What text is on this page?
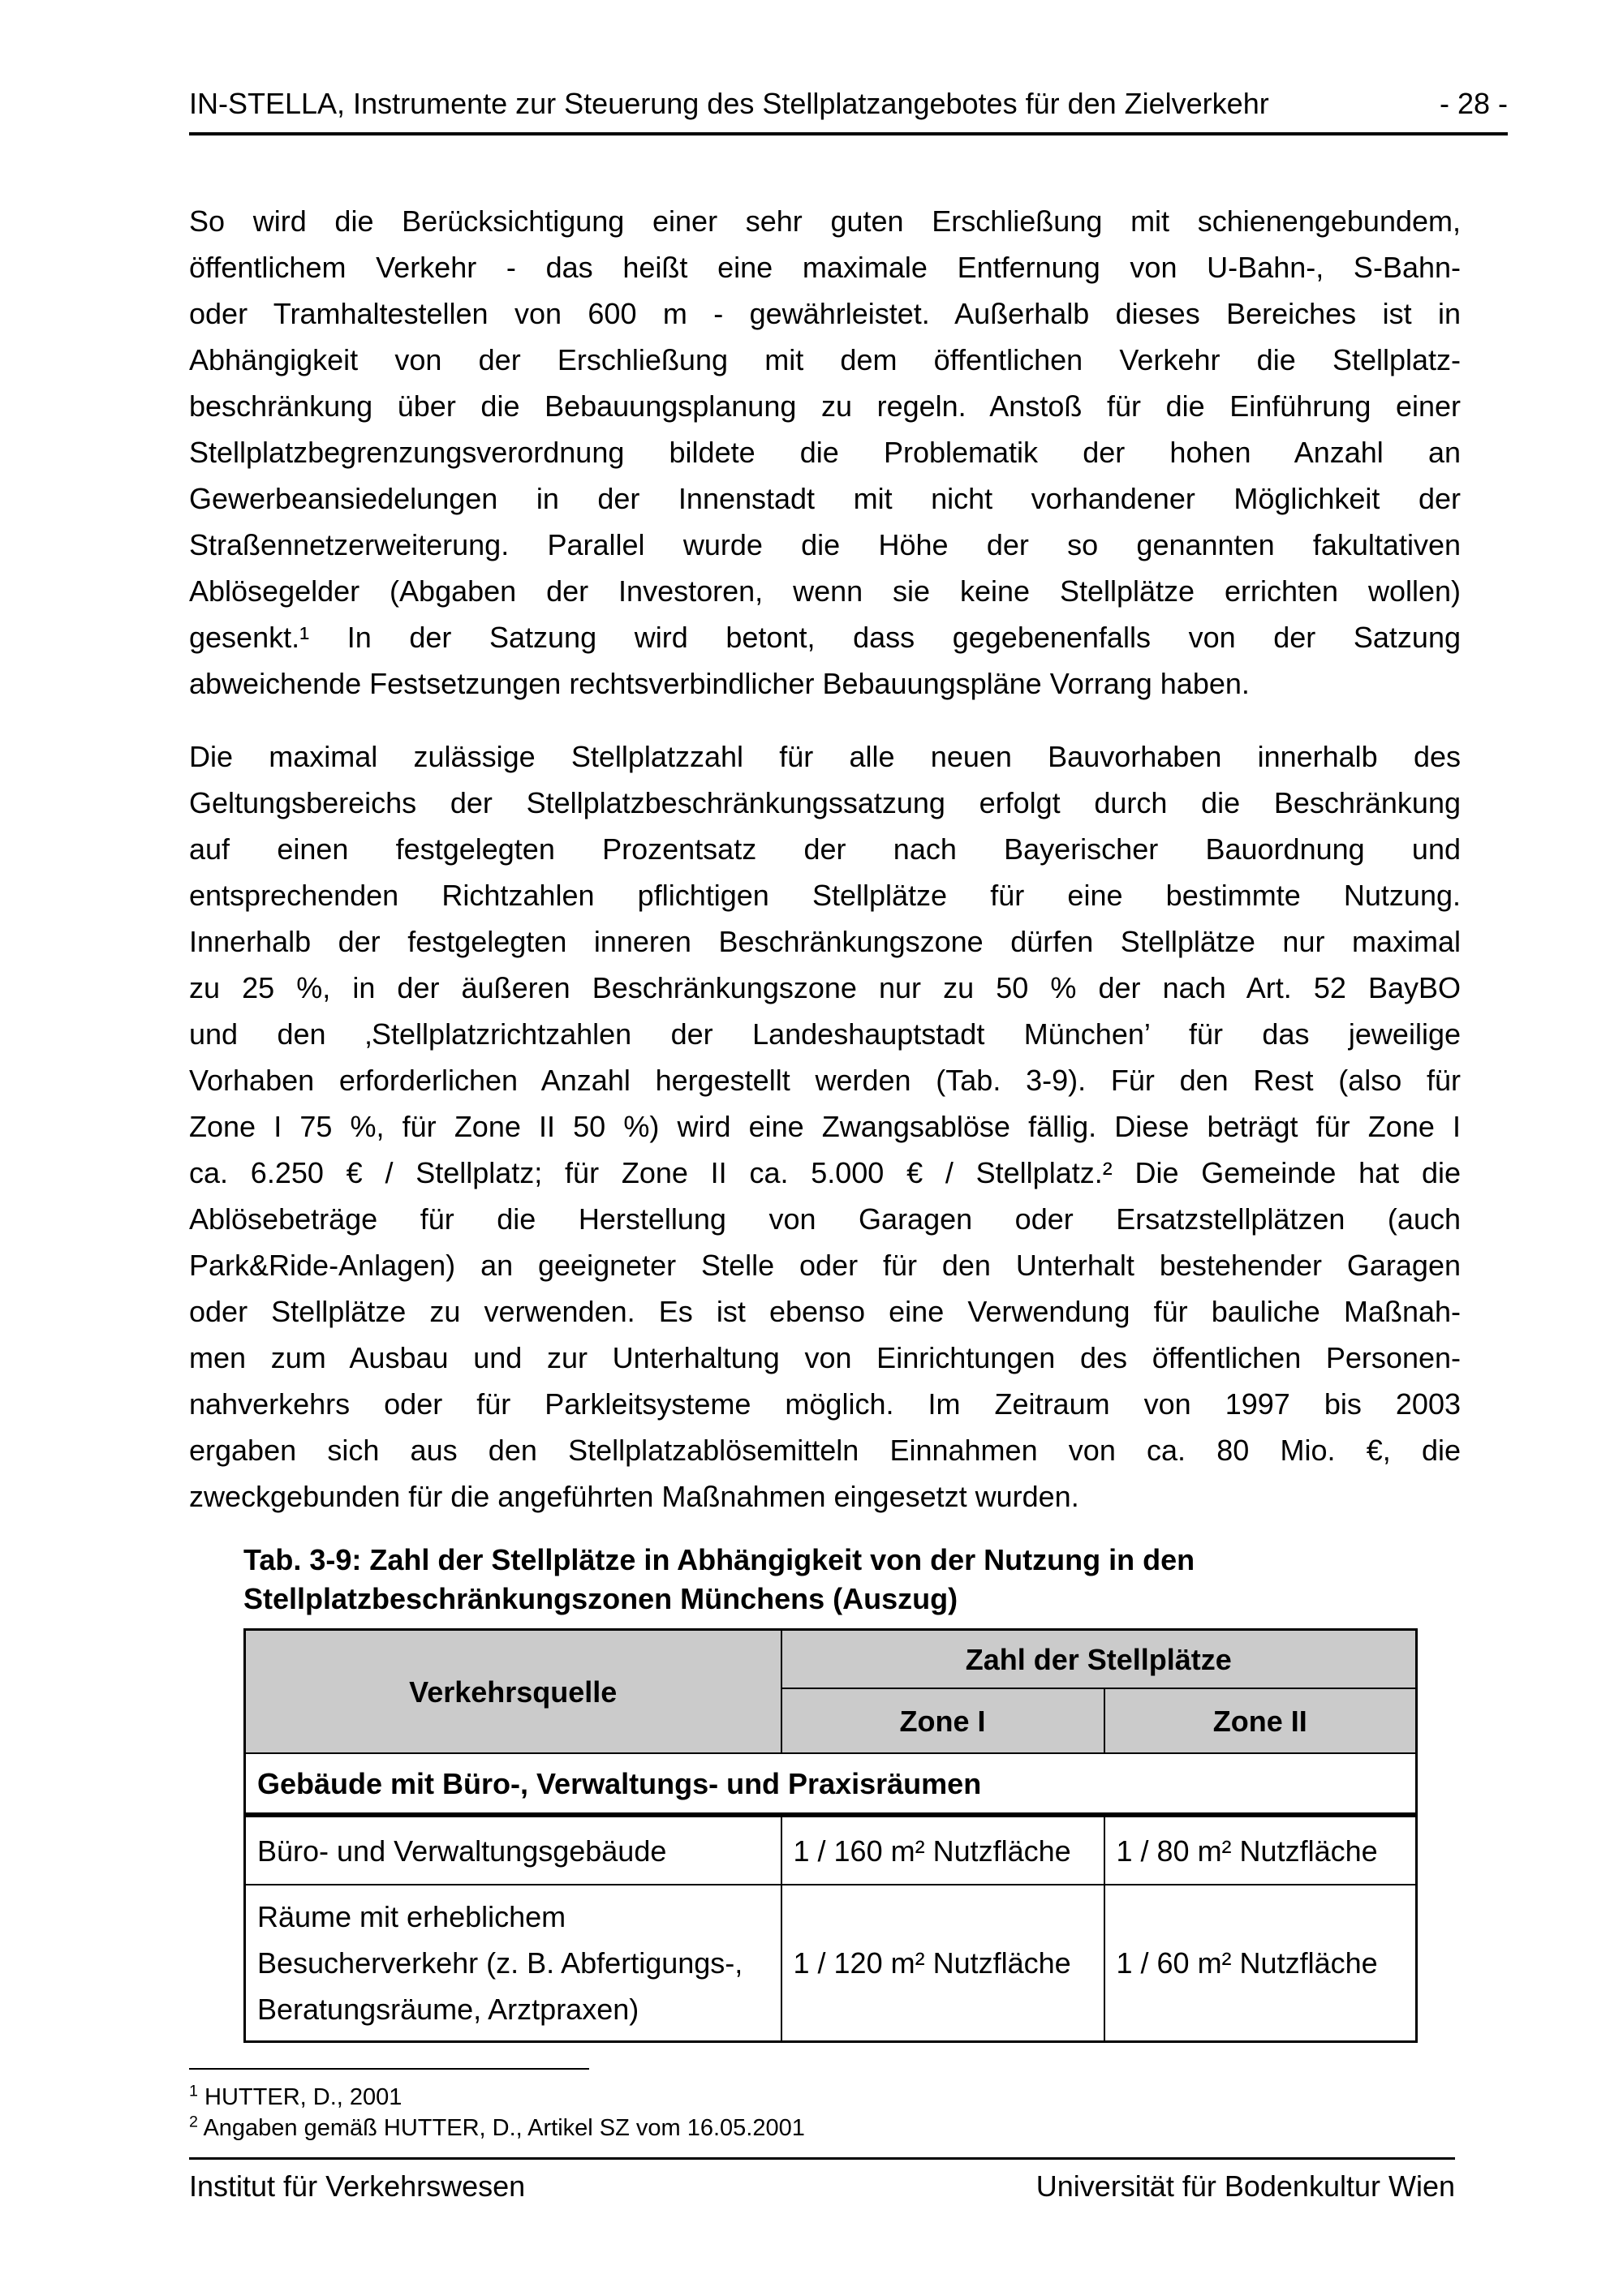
IN-STELLA, Instrumente zur Steuerung des Stellplatzangebotes für den Zielverkehr	- 28 -
So wird die Berücksichtigung einer sehr guten Erschließung mit schienengebundem,
öffentlichem Verkehr - das heißt eine maximale Entfernung von U-Bahn-, S-Bahn-
oder Tramhaltestellen von 600 m - gewährleistet. Außerhalb dieses Bereiches ist in
Abhängigkeit von der Erschließung mit dem öffentlichen Verkehr die Stellplatz-
beschränkung über die Bebauungsplanung zu regeln. Anstoß für die Einführung einer
Stellplatzbegrenzungsverordnung bildete die Problematik der hohen Anzahl an
Gewerbeansiedelungen in der Innenstadt mit nicht vorhandener Möglichkeit der
Straßennetzerweiterung. Parallel wurde die Höhe der so genannten fakultativen
Ablösegelder (Abgaben der Investoren, wenn sie keine Stellplätze errichten wollen)
gesenkt.¹ In der Satzung wird betont, dass gegebenenfalls von der Satzung
abweichende Festsetzungen rechtsverbindlicher Bebauungspläne Vorrang haben.
Die maximal zulässige Stellplatzzahl für alle neuen Bauvorhaben innerhalb des
Geltungsbereichs der Stellplatzbeschränkungssatzung erfolgt durch die Beschränkung
auf einen festgelegten Prozentsatz der nach Bayerischer Bauordnung und
entsprechenden Richtzahlen pflichtigen Stellplätze für eine bestimmte Nutzung.
Innerhalb der festgelegten inneren Beschränkungszone dürfen Stellplätze nur maximal
zu 25 %, in der äußeren Beschränkungszone nur zu 50 % der nach Art. 52 BayBO
und den ‚Stellplatzrichtzahlen der Landeshauptstadt München’ für das jeweilige
Vorhaben erforderlichen Anzahl hergestellt werden (Tab. 3-9). Für den Rest (also für
Zone I 75 %, für Zone II 50 %) wird eine Zwangsablöse fällig. Diese beträgt für Zone I
ca. 6.250 € / Stellplatz; für Zone II ca. 5.000 € / Stellplatz.² Die Gemeinde hat die
Ablösebeträge für die Herstellung von Garagen oder Ersatzstellplätzen (auch
Park&Ride-Anlagen) an geeigneter Stelle oder für den Unterhalt bestehender Garagen
oder Stellplätze zu verwenden. Es ist ebenso eine Verwendung für bauliche Maßnah-
men zum Ausbau und zur Unterhaltung von Einrichtungen des öffentlichen Personen-
nahverkehrs oder für Parkleitsysteme möglich. Im Zeitraum von 1997 bis 2003
ergaben sich aus den Stellplatzablösemitteln Einnahmen von ca. 80 Mio. €, die
zweckgebunden für die angeführten Maßnahmen eingesetzt wurden.
Tab. 3-9: Zahl der Stellplätze in Abhängigkeit von der Nutzung in den
Stellplatzbeschränkungszonen Münchens (Auszug)
Verkehrsquelle	Zahl der Stellplätze	
	Zone I	Zone II
Gebäude mit Büro-, Verwaltungs- und Praxisräumen		

Büro- und Verwaltungsgebäude	1 / 160 m² Nutzfläche	1 / 80 m² Nutzfläche

Räume mit erheblichem
Besucherverkehr (z. B. Abfertigungs-,
Beratungsräume, Arztpraxen)	1 / 120 m² Nutzfläche	1 / 60 m² Nutzfläche
$^1$ HUTTER, D., 2001
$^2$ Angaben gemäß HUTTER, D., Artikel SZ vom 16.05.2001
Institut für Verkehrswesen	Universität für Bodenkultur Wien
